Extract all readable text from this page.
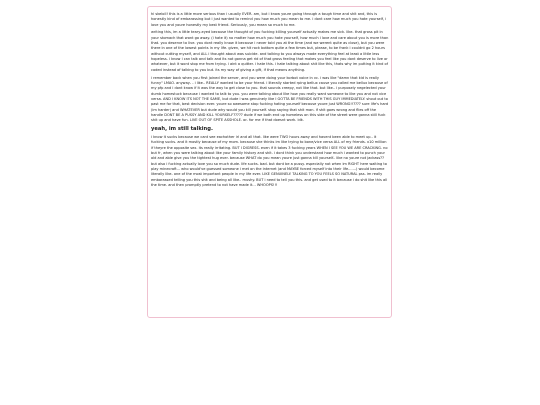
hi skeloll! this is a little more serious than i usually EVER. am, but i know youre going through a tough time and shit and, this is honestly kind of embarassing but i just wanted to remind you how much you mean to me. i dont care how much you hate yourself, i love you and youre honestly my best friend. Seriously, you mean so much to me.

writing this, im a little teary-eyed because the thought of you fucking killing yourself actually makes me sick. like- that gross pit in your stomach that wont go away. (i hate it) no matter how much you hate yourself, how much i love and care about you is more than that. you deserve to live. you dont really know it because i never told you at the time (and we werent quite as close), but you were there in one of the lowest points in my life. given, we hit rock bottom quite a few times but, please, to be frank i couldnt go 2 hours without cutting myself, and ALL i thought about was suicide. and talking to you always made everything feel at least a little less hopeless. i know i can talk and talk and its not gonna get rid of that gross feeling that makes you feel like you dont deserve to live or whatever, but it wont stop me from trying. i aint a quitter. i hate this. i hate talking about shit like this, thats why im putting it kind of coded instead of talking to you but. its my way of giving a gift, if that means anything.

i remember back when you first joined the server, and you were doing your korbot voice in vc. i was like "damn that kid is really funny" LMAO. anyway- - i like.. REALLY wanted to be your friend. i literally started rping bellux cause you called me bellux because of my pfp and i dont know if it was the way to get close to you. that sounds creepy, not like that. but like.. i purposely negelected your dumb homestuck because i wanted to talk to you. you were talking about like how you really want someone to like you and not vice versa. AND I KNOW ITS NOT THE SAME, but dude i was genuinely like I GOTTA BE FRIENDS WITH THIS GUY IMMEDIATELY. shout out to past me for that, best decision ever. youre so awesome stop fucking hating yourself because youre just WRONG!!???? sure life's hard (im harder) and WHATEVER but dude why would you kill yourself. stop saying that shit man. if shit goes wrong and flies off the handle DONT BE A PUSSY AND KILL YOURSELF????? dude if we both end up homeless on this side of the street were gonna still fuck shit up and have fun. LIVE OUT OF SPITE ASSHOLE. or- for me if that doesnt work. idk.

yeah, im still talking.

i know it sucks because we cant see eachother irl and all that. like were TWO hours away and havent been able to meet up.. it fucking sucks. and it mostly because of my mom. because she thinks im like trying to bone/vice versa ALL of my friends. x10 million if theyre the opposite sex. its really irritating. BUT I DIGRESS. even if it takes 3 fucking years WHEN I SEE YOU WE ARE CRACKING. no but fr, when you were talking about like your family history and shit. i dont think you understand how much i wanted to punch your old and able give you the tightest hug ever. because WHAT do you mean youre just gonna kill yourself.. like no youre not jackass?? but also i fucking actually love you so much dude. life sucks. bad. but dont be a pussy. especially not when im RIGHT here waiting to play minecraft... who would've guessed someone i met on the internet (and MAYBE forced myself into their life.......) would become literally like- one of the most important people in my life ever. LIKE GENUINELY. TALKING TO YOU FEELS SO NATURAL pss. im really embarassed telling you this shit and being all like.. mushy. BUT i need to tell you this. and get used to it because i do shit like this all the time. and then promptly pretend to not have made it... WHOOPS!!!
